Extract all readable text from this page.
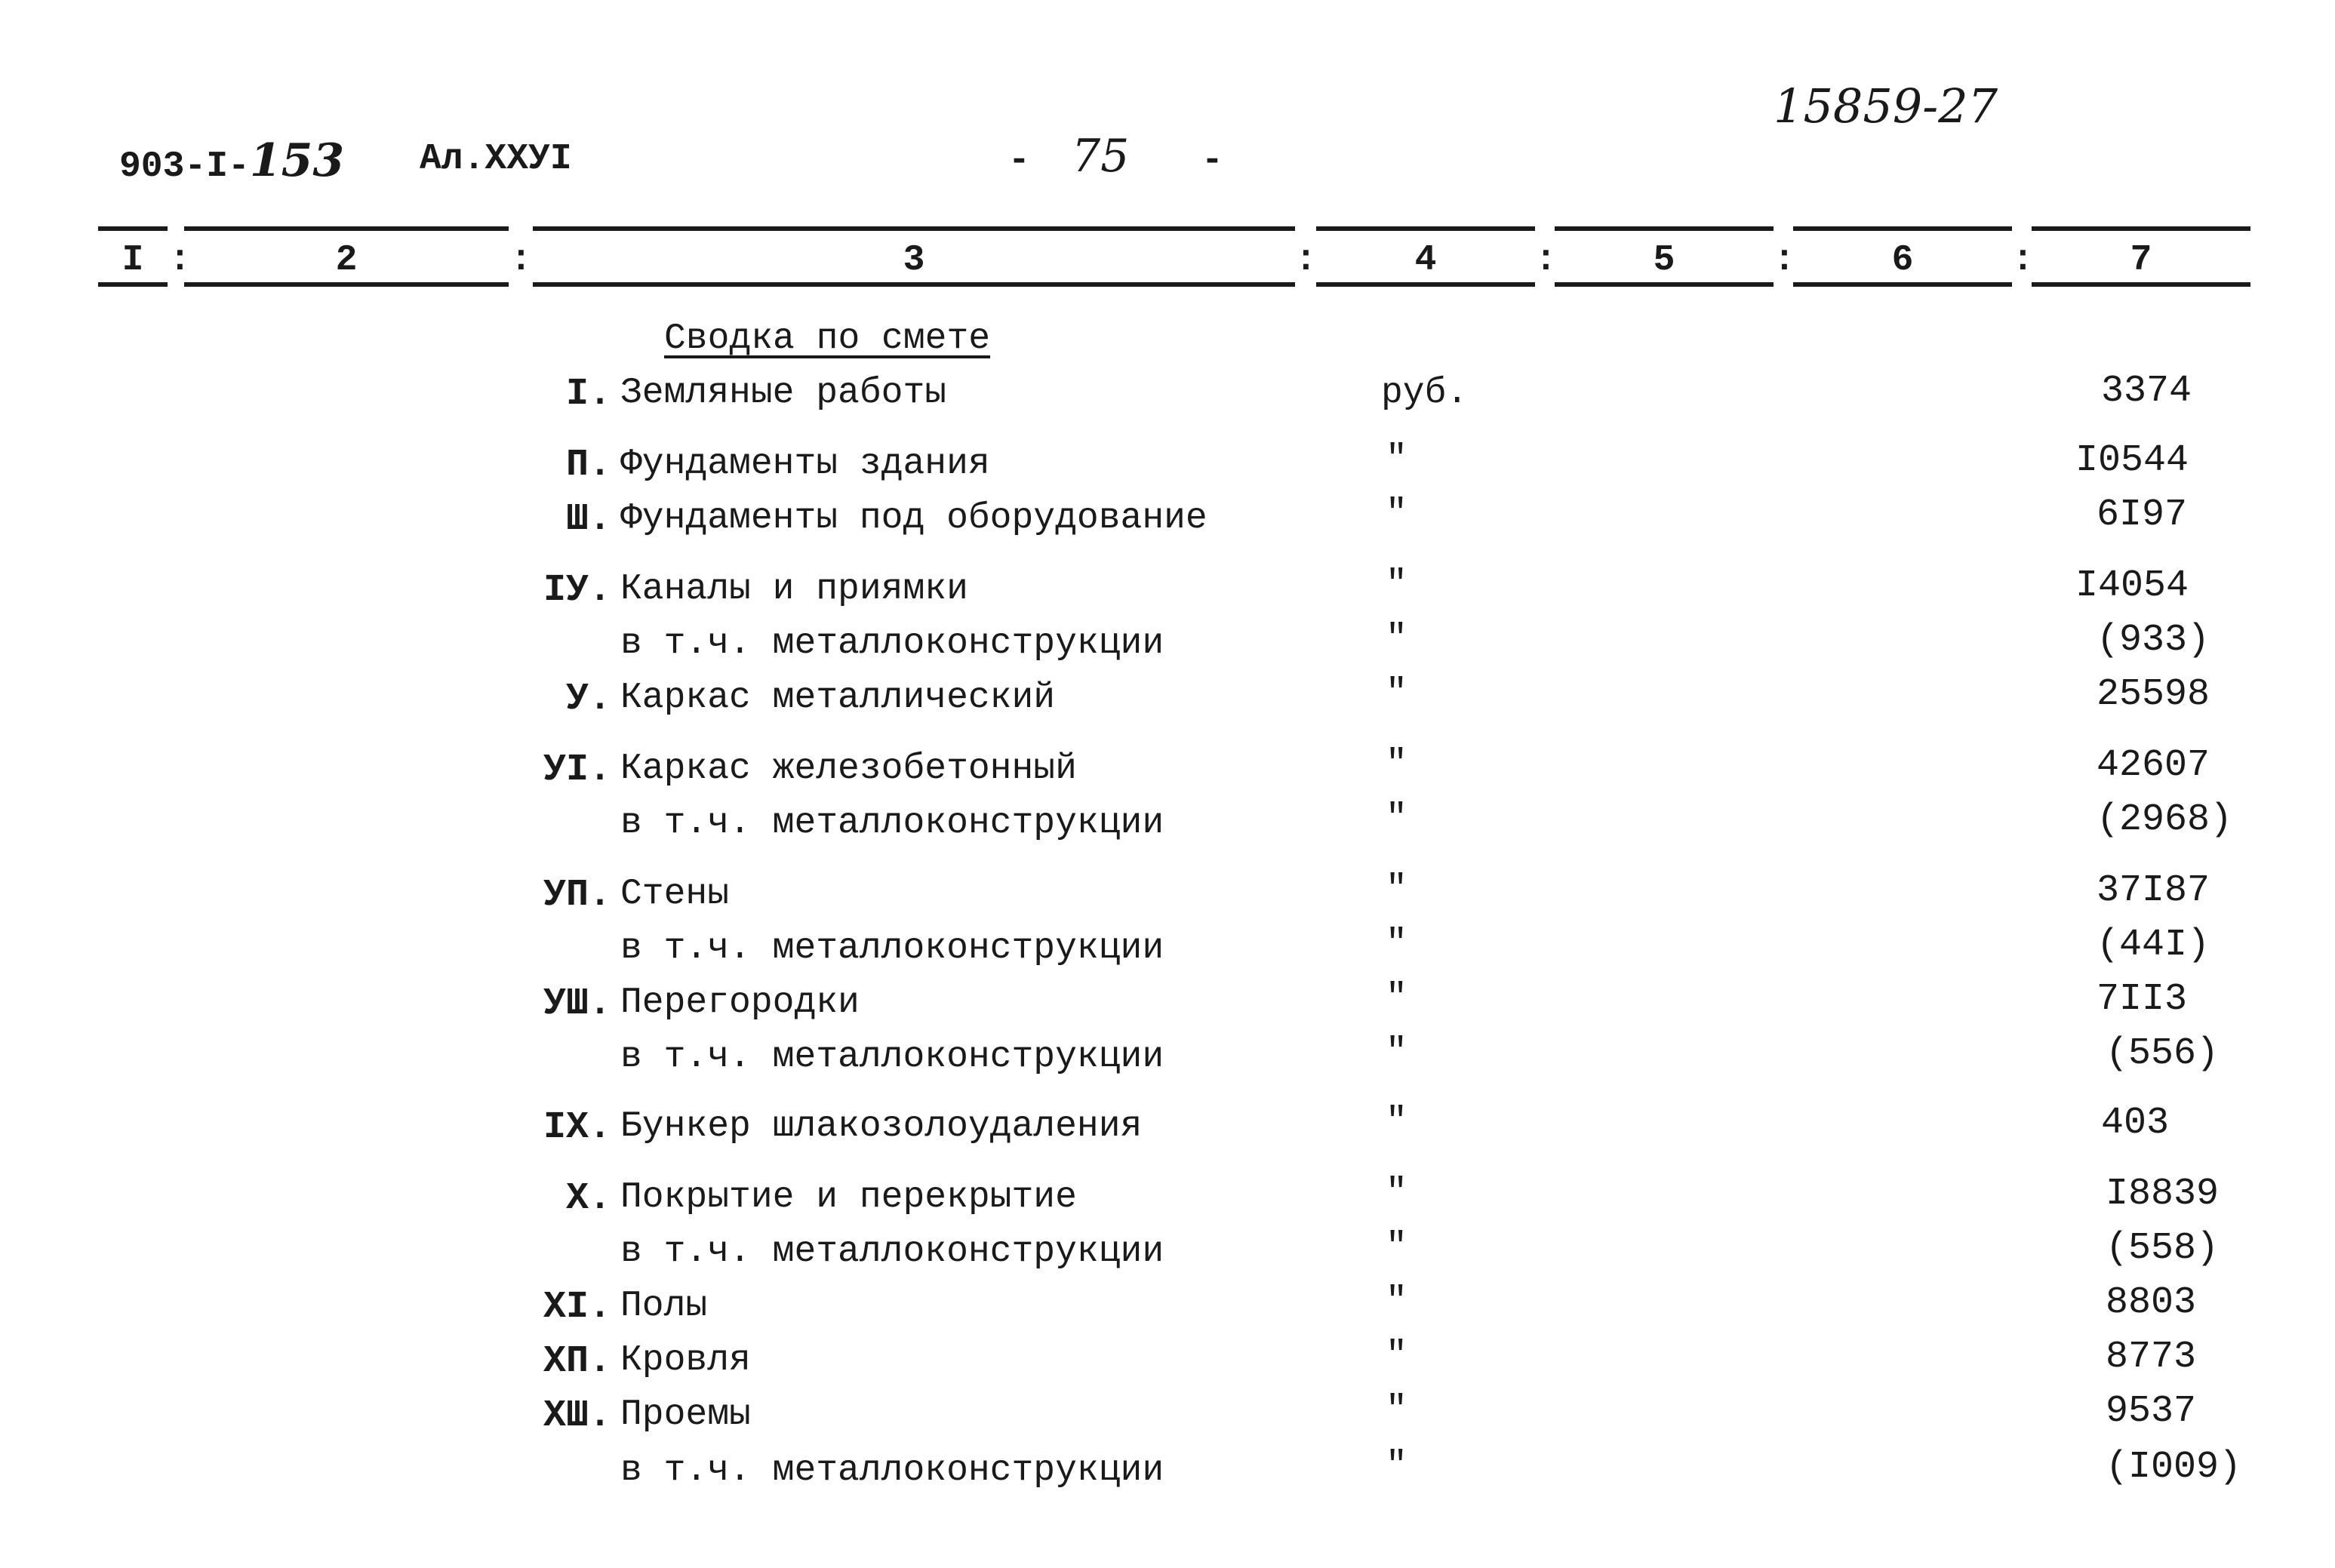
903-I-153 Ал.XXУI	- 75 -
15859-27
I :	2	:	3	:	4	:	5	:	6	:	7
Сводка по смете
I. Земляные работы	руб.	3374
П. Фундаменты здания	"	I0544
Ш. Фундаменты под оборудование	"	6I97
IУ. Каналы и приямки	"	I4054
в т.ч. металлоконструкции	"	(933)
У. Каркас металлический	"	25598
УI. Каркас железобетонный	"	42607
в т.ч. металлоконструкции	"	(2968)
УП. Стены	"	37I87
в т.ч. металлоконструкции	"	(44I)
УШ. Перегородки	"	7II3
в т.ч. металлоконструкции	"	(556)
IX. Бункер шлакозолоудаления	"	403
X. Покрытие и перекрытие	"	I8839
в т.ч. металлоконструкции	"	(558)
XI. Полы	"	8803
XП. Кровля	"	8773
XШ. Проемы	"	9537
в т.ч. металлоконструкции	"	(I009)
